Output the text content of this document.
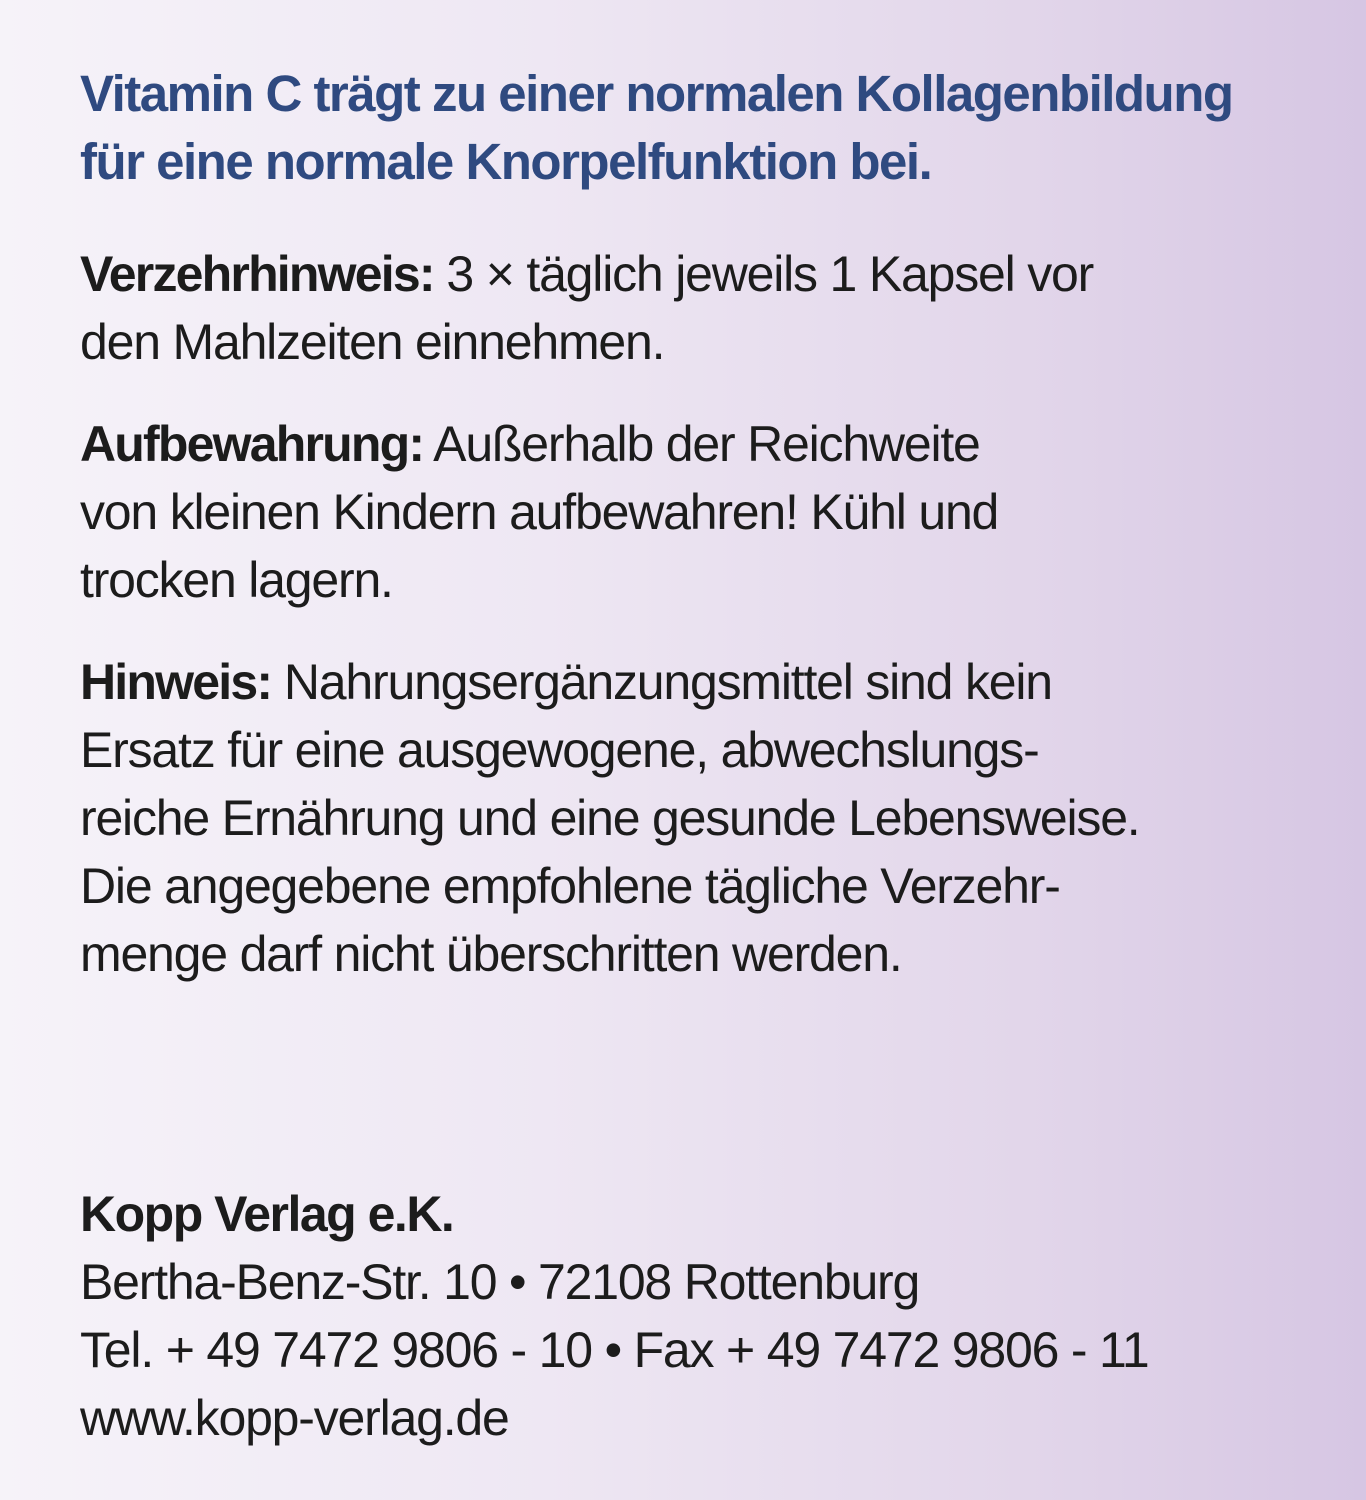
Vitamin C trägt zu einer normalen Kollagenbildung
für eine normale Knorpelfunktion bei.

Verzehrhinweis: 3 × täglich jeweils 1 Kapsel vor
den Mahlzeiten einnehmen.

Aufbewahrung: Außerhalb der Reichweite
von kleinen Kindern aufbewahren! Kühl und
trocken lagern.

Hinweis: Nahrungsergänzungsmittel sind kein
Ersatz für eine ausgewogene, abwechslungs-
reiche Ernährung und eine gesunde Lebensweise.
Die angegebene empfohlene tägliche Verzehr-
menge darf nicht überschritten werden.

Kopp Verlag e.K.
Bertha-Benz-Str. 10 • 72108 Rottenburg
Tel. + 49 7472 9806 - 10 • Fax + 49 7472 9806 - 11
www.kopp-verlag.de
